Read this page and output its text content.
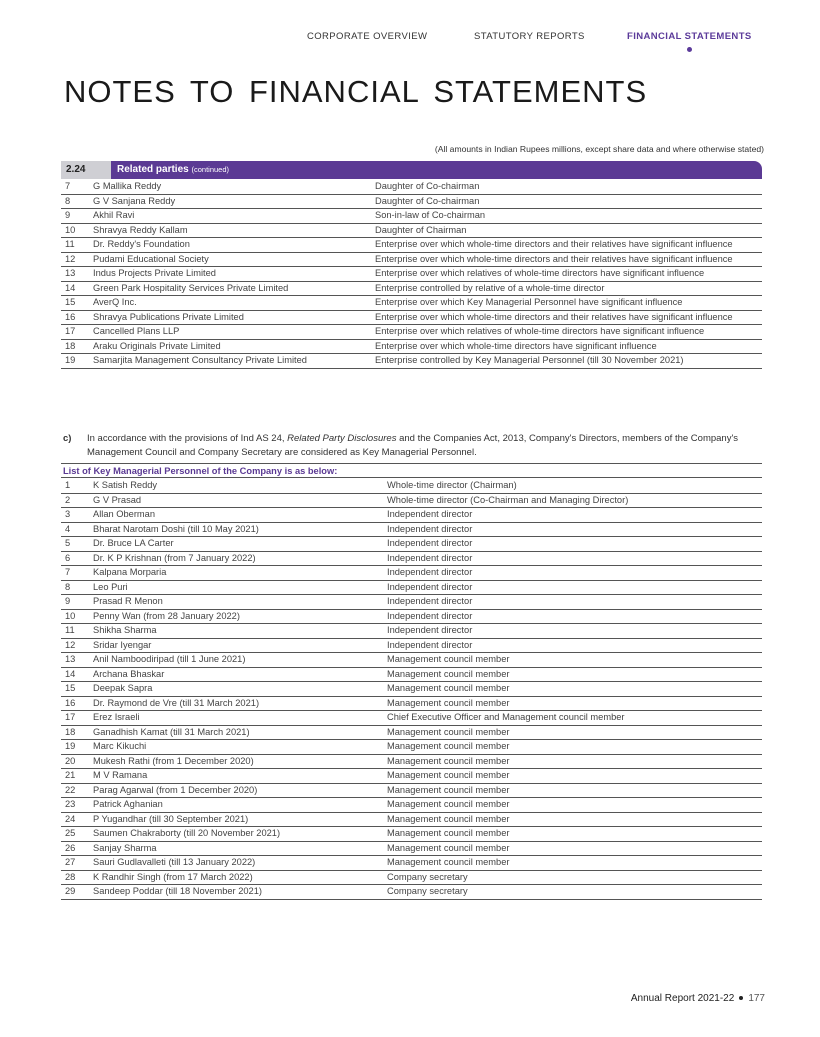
CORPORATE OVERVIEW	STATUTORY REPORTS	FINANCIAL STATEMENTS
NOTES TO FINANCIAL STATEMENTS
(All amounts in Indian Rupees millions, except share data and where otherwise stated)
2.24	Related parties (continued)
7	G Mallika Reddy	Daughter of Co-chairman
8	G V Sanjana Reddy	Daughter of Co-chairman
9	Akhil Ravi	Son-in-law of Co-chairman
10	Shravya Reddy Kallam	Daughter of Chairman
11	Dr. Reddy's Foundation	Enterprise over which whole-time directors and their relatives have significant influence
12	Pudami Educational Society	Enterprise over which whole-time directors and their relatives have significant influence
13	Indus Projects Private Limited	Enterprise over which relatives of whole-time directors have significant influence
14	Green Park Hospitality Services Private Limited	Enterprise controlled by relative of a whole-time director
15	AverQ Inc.	Enterprise over which Key Managerial Personnel have significant influence
16	Shravya Publications Private Limited	Enterprise over which whole-time directors and their relatives have significant influence
17	Cancelled Plans LLP	Enterprise over which relatives of whole-time directors have significant influence
18	Araku Originals Private Limited	Enterprise over which whole-time directors have significant influence
19	Samarjita Management Consultancy Private Limited	Enterprise controlled by Key Managerial Personnel (till 30 November 2021)
c) In accordance with the provisions of Ind AS 24, Related Party Disclosures and the Companies Act, 2013, Company's Directors, members of the Company's Management Council and Company Secretary are considered as Key Managerial Personnel.
List of Key Managerial Personnel of the Company is as below:
1	K Satish Reddy	Whole-time director (Chairman)
2	G V Prasad	Whole-time director (Co-Chairman and Managing Director)
3	Allan Oberman	Independent director
4	Bharat Narotam Doshi (till 10 May 2021)	Independent director
5	Dr. Bruce LA Carter	Independent director
6	Dr. K P Krishnan (from 7 January 2022)	Independent director
7	Kalpana Morparia	Independent director
8	Leo Puri	Independent director
9	Prasad R Menon	Independent director
10	Penny Wan (from 28 January 2022)	Independent director
11	Shikha Sharma	Independent director
12	Sridar Iyengar	Independent director
13	Anil Namboodiripad (till 1 June 2021)	Management council member
14	Archana Bhaskar	Management council member
15	Deepak Sapra	Management council member
16	Dr. Raymond de Vre (till 31 March 2021)	Management council member
17	Erez Israeli	Chief Executive Officer and Management council member
18	Ganadhish Kamat (till 31 March 2021)	Management council member
19	Marc Kikuchi	Management council member
20	Mukesh Rathi (from 1 December 2020)	Management council member
21	M V Ramana	Management council member
22	Parag Agarwal (from 1 December 2020)	Management council member
23	Patrick Aghanian	Management council member
24	P Yugandhar (till 30 September 2021)	Management council member
25	Saumen Chakraborty (till 20 November 2021)	Management council member
26	Sanjay Sharma	Management council member
27	Sauri Gudlavalleti (till 13 January 2022)	Management council member
28	K Randhir Singh (from 17 March 2022)	Company secretary
29	Sandeep Poddar (till 18 November 2021)	Company secretary
Annual Report 2021-22 177
